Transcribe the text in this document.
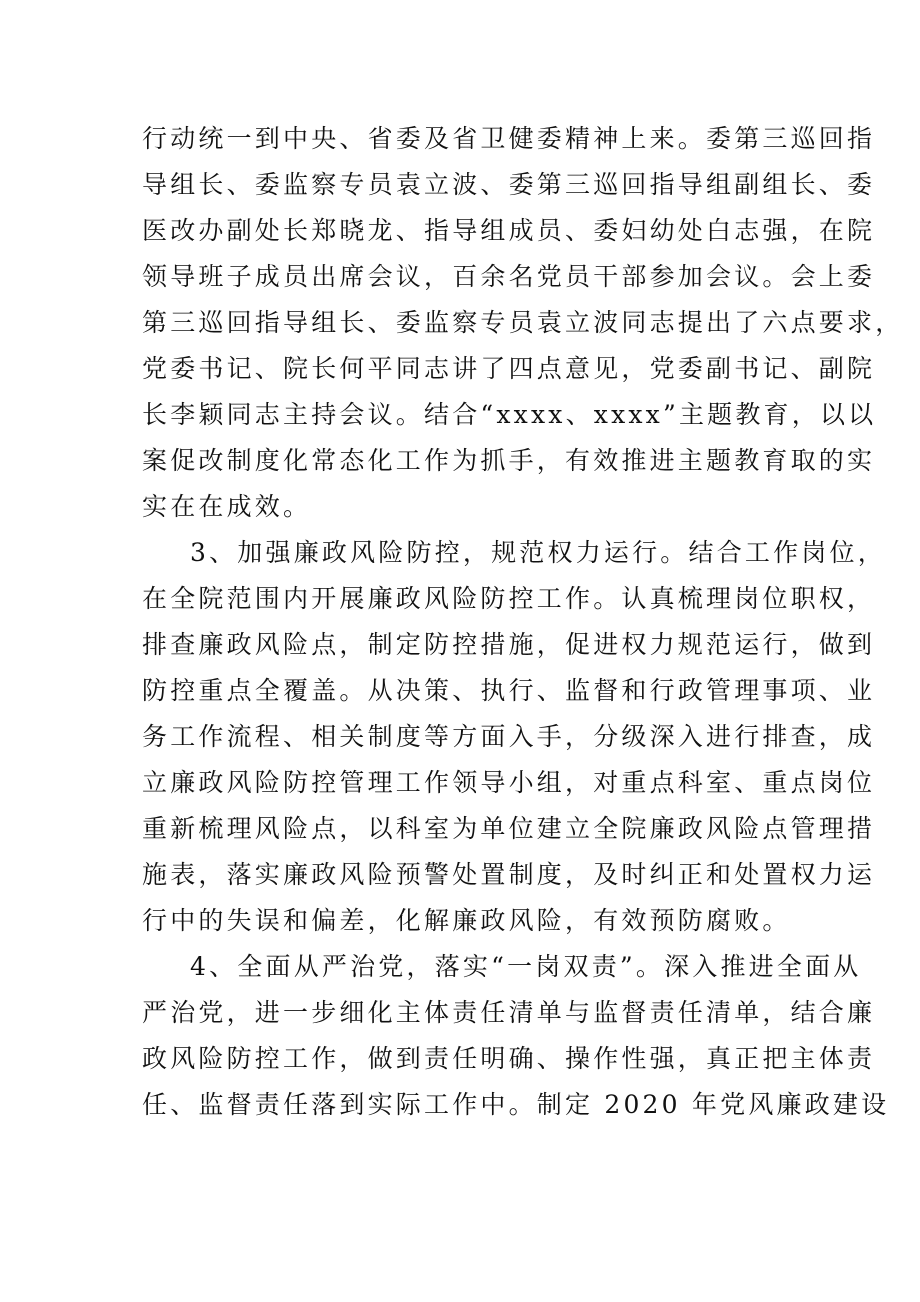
行动统一到中央、省委及省卫健委精神上来。委第三巡回指
导组长、委监察专员袁立波、委第三巡回指导组副组长、委
医改办副处长郑晓龙、指导组成员、委妇幼处白志强，在院
领导班子成员出席会议，百余名党员干部参加会议。会上委
第三巡回指导组长、委监察专员袁立波同志提出了六点要求，
党委书记、院长何平同志讲了四点意见，党委副书记、副院
长李颖同志主持会议。结合“xxxx、xxxx”主题教育，以以
案促改制度化常态化工作为抓手，有效推进主题教育取的实
实在在成效。
3、加强廉政风险防控，规范权力运行。结合工作岗位，
在全院范围内开展廉政风险防控工作。认真梳理岗位职权，
排查廉政风险点，制定防控措施，促进权力规范运行，做到
防控重点全覆盖。从决策、执行、监督和行政管理事项、业
务工作流程、相关制度等方面入手，分级深入进行排查，成
立廉政风险防控管理工作领导小组，对重点科室、重点岗位
重新梳理风险点，以科室为单位建立全院廉政风险点管理措
施表，落实廉政风险预警处置制度，及时纠正和处置权力运
行中的失误和偏差，化解廉政风险，有效预防腐败。
4、全面从严治党，落实“一岗双责”。深入推进全面从
严治党，进一步细化主体责任清单与监督责任清单，结合廉
政风险防控工作，做到责任明确、操作性强，真正把主体责
任、监督责任落到实际工作中。制定 2020 年党风廉政建设
